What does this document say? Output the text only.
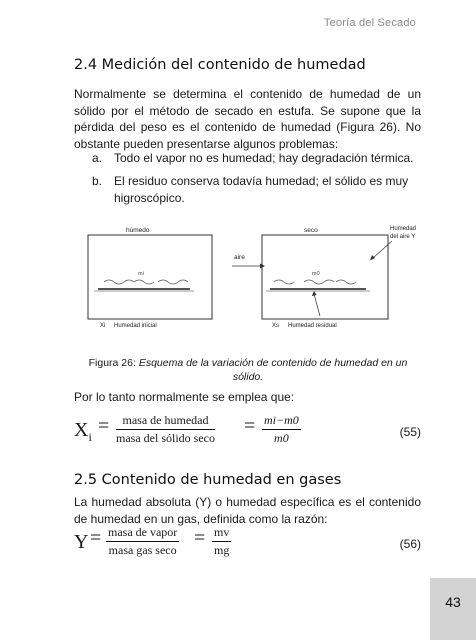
Teoría del Secado
2.4 Medición del contenido de humedad
Normalmente se determina el contenido de humedad de un sólido por el método de secado en estufa. Se supone que la pérdida del peso es el contenido de humedad (Figura 26). No obstante pueden presentarse algunos problemas:
a.	Todo el vapor no es humedad; hay degradación térmica.
b.	El residuo conserva todavía humedad; el sólido es muy higroscópico.
húmedo
mi
aire
seco
m0
Humedad
del aire Y
Xi Humedad inicial	Xs Humedad residual
Figura 26: Esquema de la variación de contenido de humedad en un sólido.
Por lo tanto normalmente se emplea que:
$X_i$ =	masa de humedad
masa del sólido seco
= $\frac{mi-m0}{m0}$	(55)
2.5 Contenido de humedad en gases
La humedad absoluta (Y) o humedad específica es el contenido de humedad en un gas, definida como la razón:
Y = masa de vapor
masa gas seco
= $\frac{mv}{mg}$	(56)
43
